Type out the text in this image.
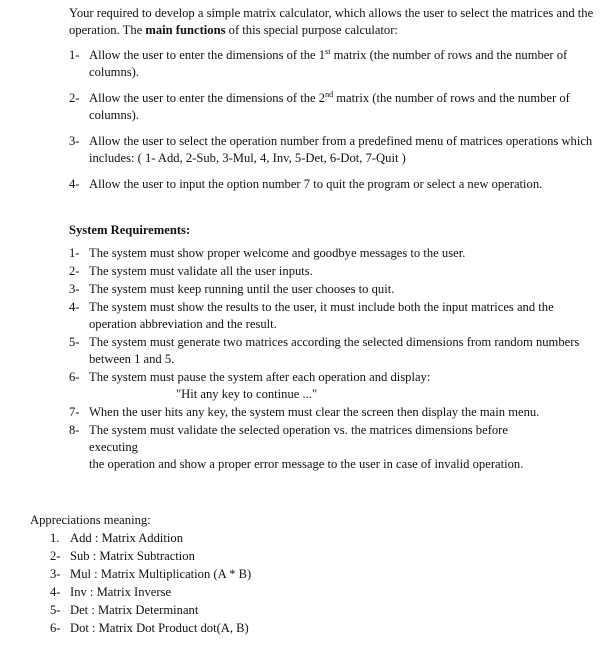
Your required to develop a simple matrix calculator, which allows the user to select the matrices and the operation. The main functions of this special purpose calculator:

1- Allow the user to enter the dimensions of the 1st matrix (the number of rows and the number of columns).
2- Allow the user to enter the dimensions of the 2nd matrix (the number of rows and the number of columns).
3- Allow the user to select the operation number from a predefined menu of matrices operations which includes: ( 1- Add, 2-Sub, 3-Mul, 4, Inv, 5-Det, 6-Dot, 7-Quit )
4- Allow the user to input the option number 7 to quit the program or select a new operation.
System Requirements:
1- The system must show proper welcome and goodbye messages to the user.
2- The system must validate all the user inputs.
3- The system must keep running until the user chooses to quit.
4- The system must show the results to the user, it must include both the input matrices and the operation abbreviation and the result.
5- The system must generate two matrices according the selected dimensions from random numbers between 1 and 5.
6- The system must pause the system after each operation and display:
"Hit any key to continue ..."
7- When the user hits any key, the system must clear the screen then display the main menu.
8- The system must validate the selected operation vs. the matrices dimensions before executing
the operation and show a proper error message to the user in case of invalid operation.
Appreciations meaning:
1. Add : Matrix Addition
2- Sub : Matrix Subtraction
3- Mul : Matrix Multiplication (A * B)
4- Inv : Matrix Inverse
5- Det : Matrix Determinant
6- Dot : Matrix Dot Product dot(A, B)
